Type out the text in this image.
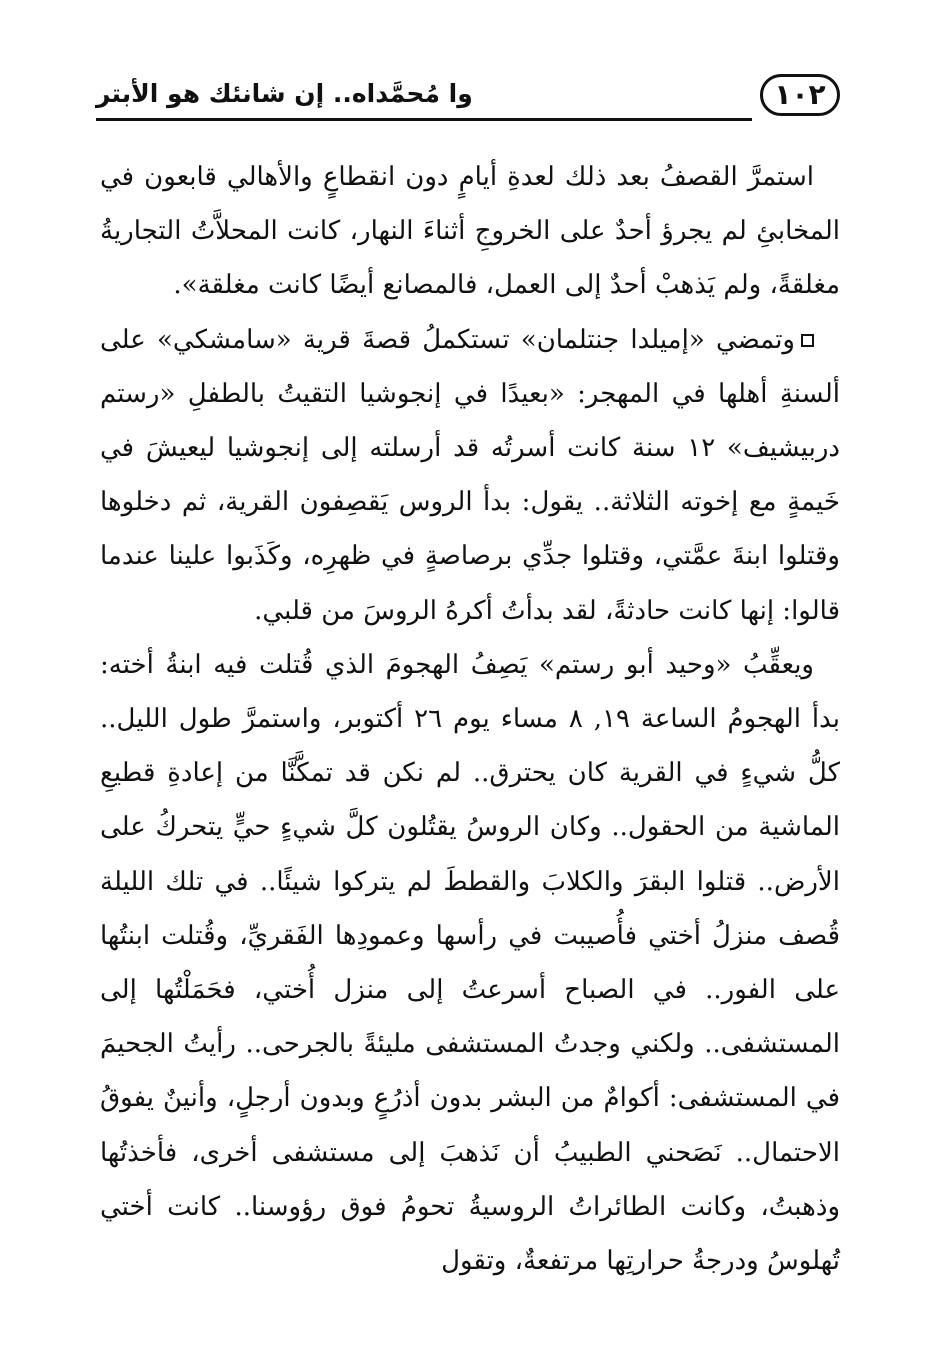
١٠٢
وا مُحمَّداه.. إن شانئك هو الأبتر

استمرَّ القصفُ بعد ذلك لعدةِ أيامٍ دون انقطاعٍ والأهالي قابعون في المخابئِ لم يجرؤ أحدٌ على الخروجِ أثناءَ النهار، كانت المحلاَّتُ التجاريةُ مغلقةً، ولم يَذهبْ أحدٌ إلى العمل، فالمصانع أيضًا كانت مغلقة».

وتمضي «إميلدا جنتلمان» تستكملُ قصةَ قرية «سامشكي» على ألسنةِ أهلها في المهجر: «بعيدًا في إنجوشيا التقيتُ بالطفلِ «رستم دربيشيف» ١٢ سنة كانت أسرتُه قد أرسلته إلى إنجوشيا ليعيشَ في خَيمةٍ مع إخوته الثلاثة.. يقول: بدأ الروس يَقصِفون القرية، ثم دخلوها وقتلوا ابنةَ عمَّتي، وقتلوا جدِّي برصاصةٍ في ظهرِه، وكَذَبوا علينا عندما قالوا: إنها كانت حادثةً، لقد بدأتُ أكرهُ الروسَ من قلبي.

ويعقِّبُ «وحيد أبو رستم» يَصِفُ الهجومَ الذي قُتلت فيه ابنةُ أخته: بدأ الهجومُ الساعة ١٩, ٨ مساء يوم ٢٦ أكتوبر، واستمرَّ طول الليل.. كلُّ شيءٍ في القرية كان يحترق.. لم نكن قد تمكَّنَّا من إعادةِ قطيعِ الماشية من الحقول.. وكان الروسُ يقتُلون كلَّ شيءٍ حيٍّ يتحركُ على الأرض.. قتلوا البقرَ والكلابَ والقططَ لم يتركوا شيئًا.. في تلك الليلة قُصف منزلُ أختي فأُصيبت في رأسها وعمودِها الفَقريِّ، وقُتلت ابنتُها على الفور.. في الصباح أسرعتُ إلى منزل أُختي، فحَمَلْتُها إلى المستشفى.. ولكني وجدتُ المستشفى مليئةً بالجرحى.. رأيتُ الجحيمَ في المستشفى: أكوامٌ من البشر بدون أذرُعٍ وبدون أرجلٍ، وأنينٌ يفوقُ الاحتمال.. نَصَحني الطبيبُ أن نَذهبَ إلى مستشفى أخرى، فأخذتُها وذهبتُ، وكانت الطائراتُ الروسيةُ تحومُ فوق رؤوسنا.. كانت أختي تُهلوسُ ودرجةُ حرارتِها مرتفعةٌ، وتقول
